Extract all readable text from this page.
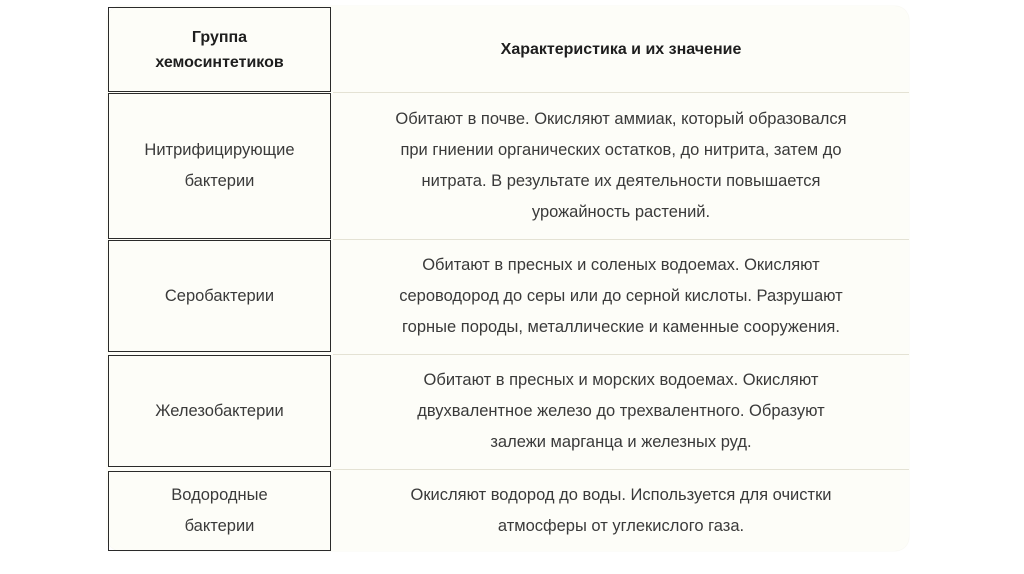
Группа
хемосинтетиков
Характеристика и их значение
Нитрифицирующие
бактерии
Обитают в почве. Окисляют аммиак, который образовался
при гниении органических остатков, до нитрита, затем до
нитрата. В результате их деятельности повышается
урожайность растений.
Серобактерии
Обитают в пресных и соленых водоемах. Окисляют
сероводород до серы или до серной кислоты. Разрушают
горные породы, металлические и каменные сооружения.
Железобактерии
Обитают в пресных и морских водоемах. Окисляют
двухвалентное железо до трехвалентного. Образуют
залежи марганца и железных руд.
Водородные
бактерии
Окисляют водород до воды. Используется для очистки
атмосферы от углекислого газа.
